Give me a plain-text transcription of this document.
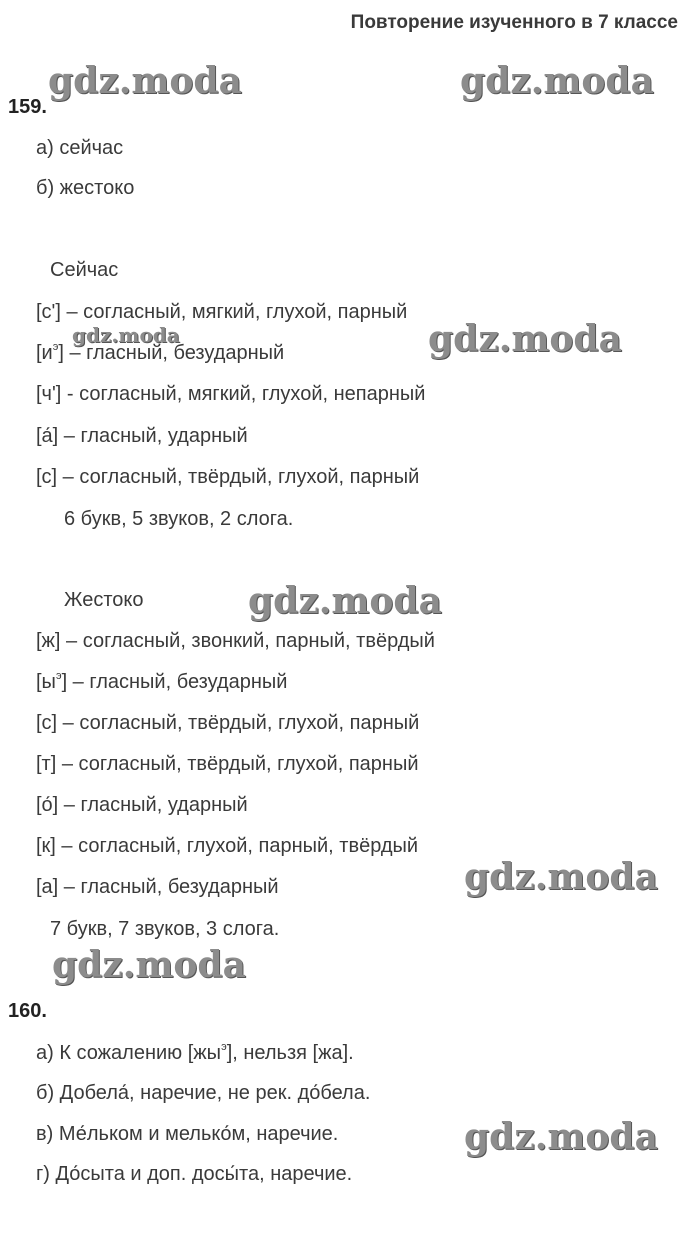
Повторение изученного в 7 классе
gdz.moda	gdz.moda
gdz.moda	gdz.moda
gdz.moda
gdz.moda
gdz.moda
gdz.moda
159.
а) сейчас
б) жестоко
Сейчас
[с'] – согласный, мягкий, глухой, парный
$[и^э]$ – гласный, безударный
[ч'] - согласный, мягкий, глухой, непарный
[а́] – гласный, ударный
[с] – согласный, твёрдый, глухой, парный
6 букв, 5 звуков, 2 слога.
Жестоко
[ж] – согласный, звонкий, парный, твёрдый
$[ы^э]$ – гласный, безударный
[с] – согласный, твёрдый, глухой, парный
[т] – согласный, твёрдый, глухой, парный
[о́] – гласный, ударный
[к] – согласный, глухой, парный, твёрдый
[а] – гласный, безударный
7 букв, 7 звуков, 3 слога.
160.
а) К сожалению $[жы^э]$, нельзя [жа].
б) Добела́, наречие, не рек. до́бела.
в) Ме́льком и мелько́м, наречие.
г) До́сыта и доп. досы́та, наречие.
